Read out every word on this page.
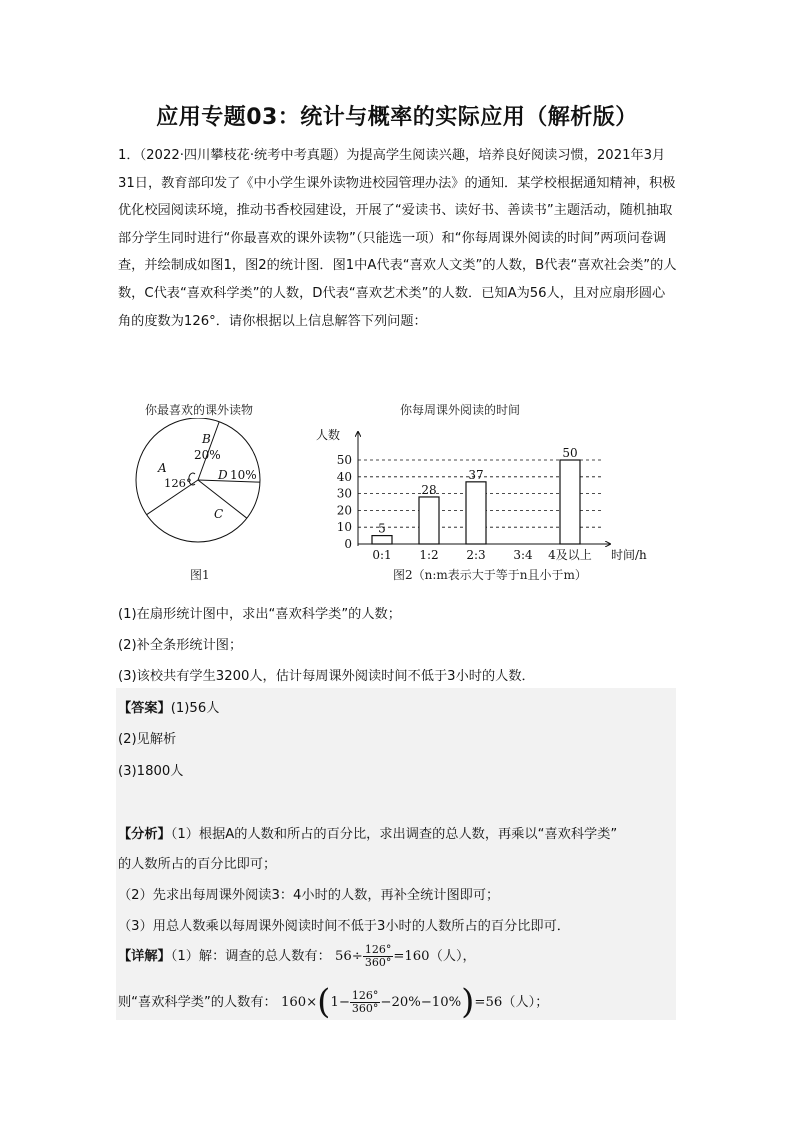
应用专题03：统计与概率的实际应用（解析版）
1．（2022·四川攀枝花·统考中考真题）为提高学生阅读兴趣，培养良好阅读习惯，2021年3月31日，教育部印发了《中小学生课外读物进校园管理办法》的通知．某学校根据通知精神，积极优化校园阅读环境，推动书香校园建设，开展了“爱读书、读好书、善读书”主题活动，随机抽取部分学生同时进行“你最喜欢的课外读物”（只能选一项）和“你每周课外阅读的时间”两项问卷调查，并绘制成如图1，图2的统计图．图1中A代表“喜欢人文类”的人数，B代表“喜欢社会类”的人数，C代表“喜欢科学类”的人数，D代表“喜欢艺术类”的人数．已知A为56人，且对应扇形圆心角的度数为126°．请你根据以上信息解答下列问题：
你最喜欢的课外读物
B
20%
A
126°
D 10%
C
图1
你每周课外阅读的时间
人数
0
10
20
30
40
50
5
28
37
50
0:1 1:2 2:3 3:4 4及以上 时间/h
图2（n:m表示大于等于n且小于m）
(1)在扇形统计图中，求出“喜欢科学类”的人数；
(2)补全条形统计图；
(3)该校共有学生3200人，估计每周课外阅读时间不低于3小时的人数．
【答案】(1)56人
(2)见解析
(3)1800人
【分析】（1）根据A的人数和所占的百分比，求出调查的总人数，再乘以“喜欢科学类”
的人数所占的百分比即可；
（2）先求出每周课外阅读3：4小时的人数，再补全统计图即可；
（3）用总人数乘以每周课外阅读时间不低于3小时的人数所占的百分比即可．
【详解】（1）解：调查的总人数有： $56\div \frac{126^\circ}{360^\circ} =160$（人），
则“喜欢科学类”的人数有： $160\times(1- \frac{126^\circ}{360^\circ} -20\%-10\%)=56$（人）；
